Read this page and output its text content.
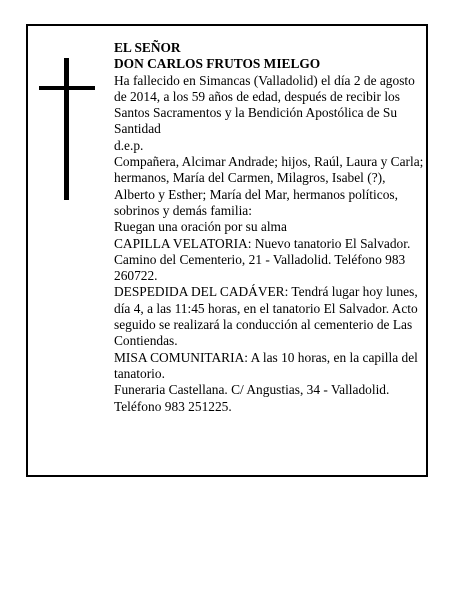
EL SEÑOR

DON CARLOS FRUTOS MIELGO

Ha fallecido en Simancas (Valladolid) el día 2 de agosto de 2014, a los 59 años de edad, después de recibir los Santos Sacramentos y la Bendición Apostólica de Su Santidad

d.e.p.

Compañera, Alcimar Andrade; hijos, Raúl, Laura y Carla; hermanos, María del Carmen, Milagros, Isabel (?), Alberto y Esther; María del Mar, hermanos políticos, sobrinos y demás familia:

Ruegan una oración por su alma

CAPILLA VELATORIA: Nuevo tanatorio El Salvador. Camino del Cementerio, 21 - Valladolid. Teléfono 983 260722.

DESPEDIDA DEL CADÁVER: Tendrá lugar hoy lunes, día 4, a las 11:45 horas, en el tanatorio El Salvador. Acto seguido se realizará la conducción al cementerio de Las Contiendas.

MISA COMUNITARIA: A las 10 horas, en la capilla del tanatorio.

Funeraria Castellana. C/ Angustias, 34 - Valladolid. Teléfono 983 251225.
